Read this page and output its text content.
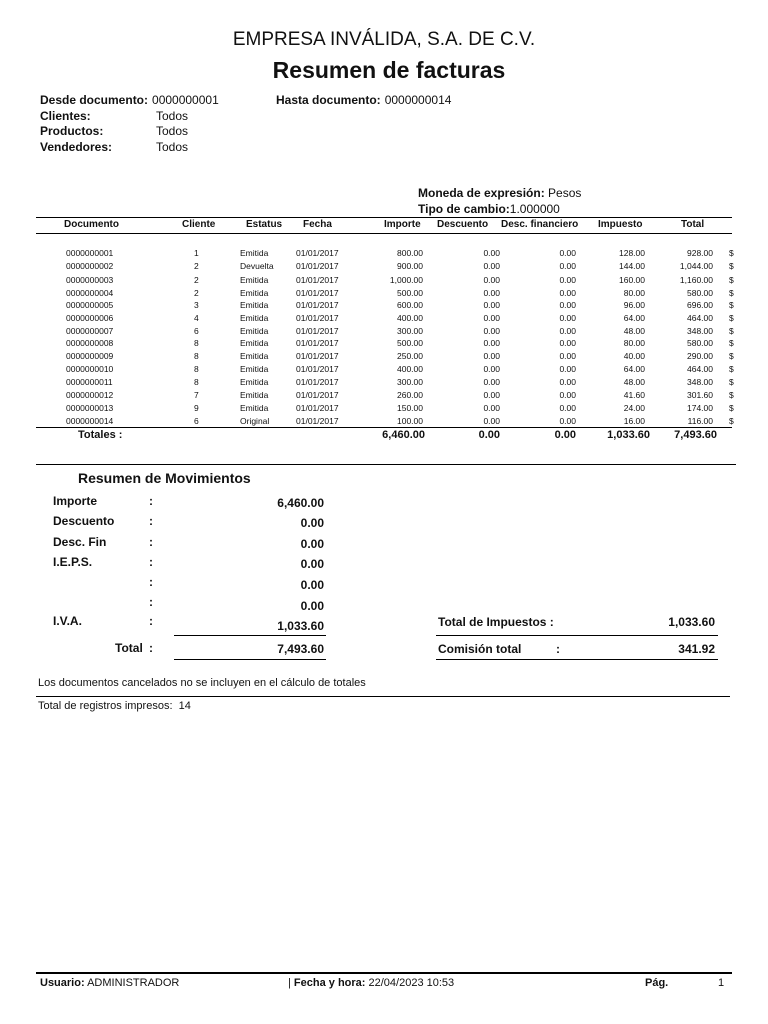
EMPRESA INVÁLIDA, S.A. DE C.V.
Resumen de facturas
Desde documento: 0000000001	Hasta documento: 0000000014
Clientes:	Todos
Productos:	Todos
Vendedores:	Todos
Moneda de expresión: Pesos
Tipo de cambio:1.000000
Documento	Cliente	Estatus Fecha	Importe Descuento Desc. financiero Impuesto	Total
0000000001	1	Emitida	01/01/2017	800.00	0.00	0.00	128.00	928.00 $
0000000002	2	Devuelta	01/01/2017	900.00	0.00	0.00	144.00	1,044.00 $
0000000003	2	Emitida	01/01/2017	1,000.00	0.00	0.00	160.00	1,160.00 $
0000000004	2	Emitida	01/01/2017	500.00	0.00	0.00	80.00	580.00 $
0000000005	3	Emitida	01/01/2017	600.00	0.00	0.00	96.00	696.00 $
0000000006	4	Emitida	01/01/2017	400.00	0.00	0.00	64.00	464.00 $
0000000007	6	Emitida	01/01/2017	300.00	0.00	0.00	48.00	348.00 $
0000000008	8	Emitida	01/01/2017	500.00	0.00	0.00	80.00	580.00 $
0000000009	8	Emitida	01/01/2017	250.00	0.00	0.00	40.00	290.00 $
0000000010	8	Emitida	01/01/2017	400.00	0.00	0.00	64.00	464.00 $
0000000011	8	Emitida	01/01/2017	300.00	0.00	0.00	48.00	348.00 $
0000000012	7	Emitida	01/01/2017	260.00	0.00	0.00	41.60	301.60 $
0000000013	9	Emitida	01/01/2017	150.00	0.00	0.00	24.00	174.00 $
0000000014	6	Original	01/01/2017	100.00	0.00	0.00	16.00	116.00 $
Totales :	6,460.00	0.00	0.00	1,033.60	7,493.60
Resumen de Movimientos
Importe	:	6,460.00
Descuento	:	0.00
Desc. Fin	:	0.00
I.E.P.S.	:	0.00
:	0.00
:	0.00
I.V.A.	:	1,033.60
Total :	7,493.60
Total de Impuestos :	1,033.60
Comisión total	:	341.92
Los documentos cancelados no se incluyen en el cálculo de totales
Total de registros impresos: 14
Usuario: ADMINISTRADOR	| Fecha y hora: 22/04/2023 10:53	Pág.	1
